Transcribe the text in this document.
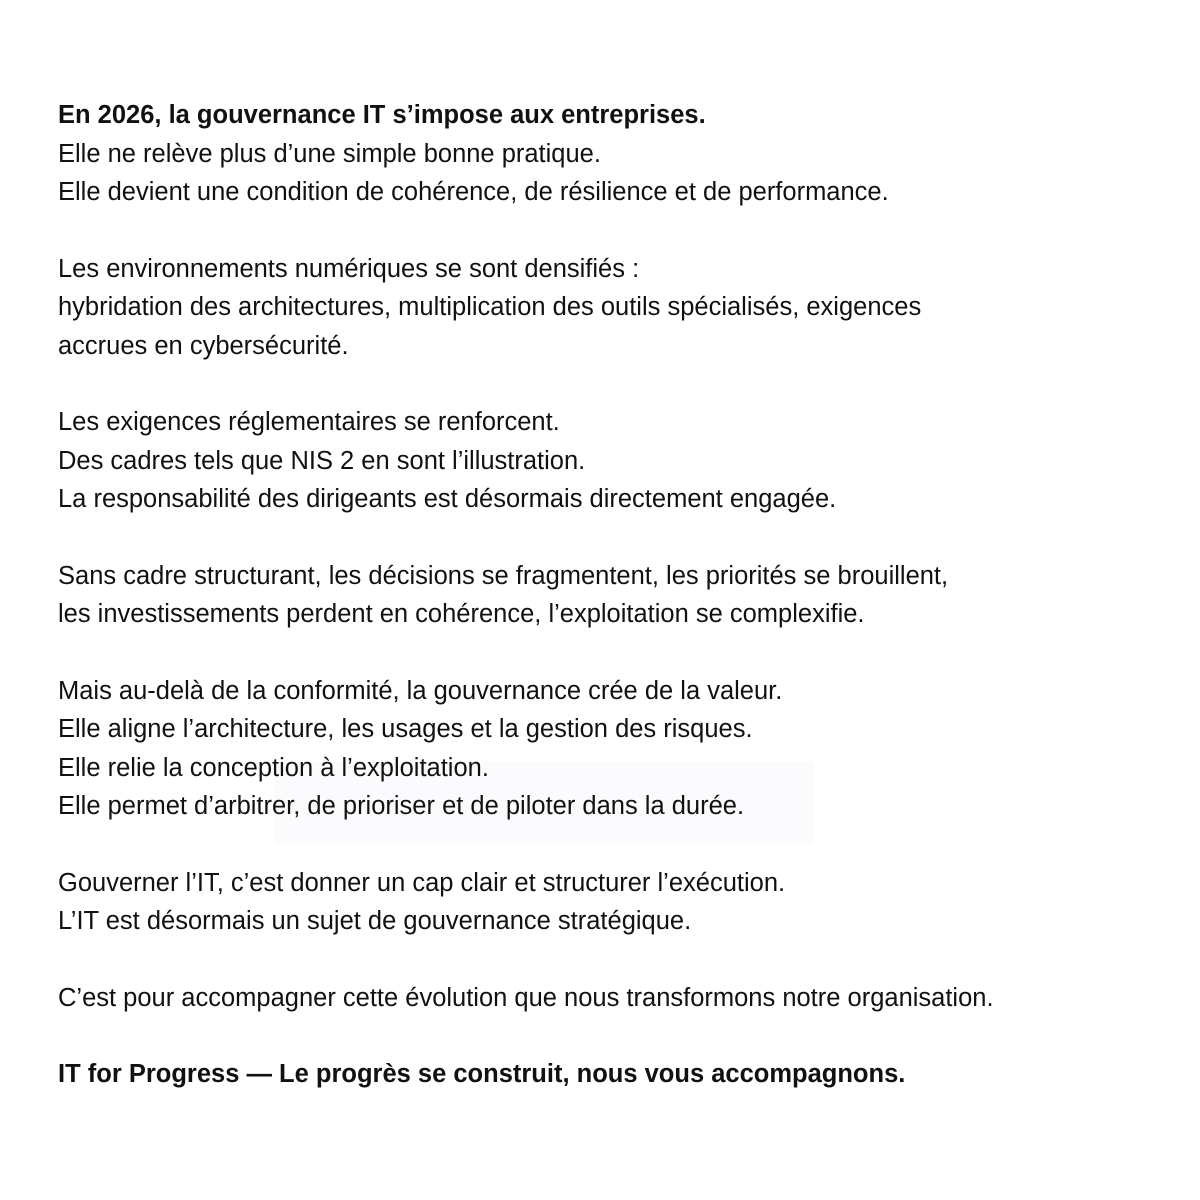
En 2026, la gouvernance IT s’impose aux entreprises.
Elle ne relève plus d’une simple bonne pratique.
Elle devient une condition de cohérence, de résilience et de performance.
Les environnements numériques se sont densifiés :
hybridation des architectures, multiplication des outils spécialisés, exigences
accrues en cybersécurité.
Les exigences réglementaires se renforcent.
Des cadres tels que NIS 2 en sont l’illustration.
La responsabilité des dirigeants est désormais directement engagée.
Sans cadre structurant, les décisions se fragmentent, les priorités se brouillent,
les investissements perdent en cohérence, l’exploitation se complexifie.
Mais au-delà de la conformité, la gouvernance crée de la valeur.
Elle aligne l’architecture, les usages et la gestion des risques.
Elle relie la conception à l’exploitation.
Elle permet d’arbitrer, de prioriser et de piloter dans la durée.
Gouverner l’IT, c’est donner un cap clair et structurer l’exécution.
L’IT est désormais un sujet de gouvernance stratégique.
C’est pour accompagner cette évolution que nous transformons notre organisation.
IT for Progress — Le progrès se construit, nous vous accompagnons.
